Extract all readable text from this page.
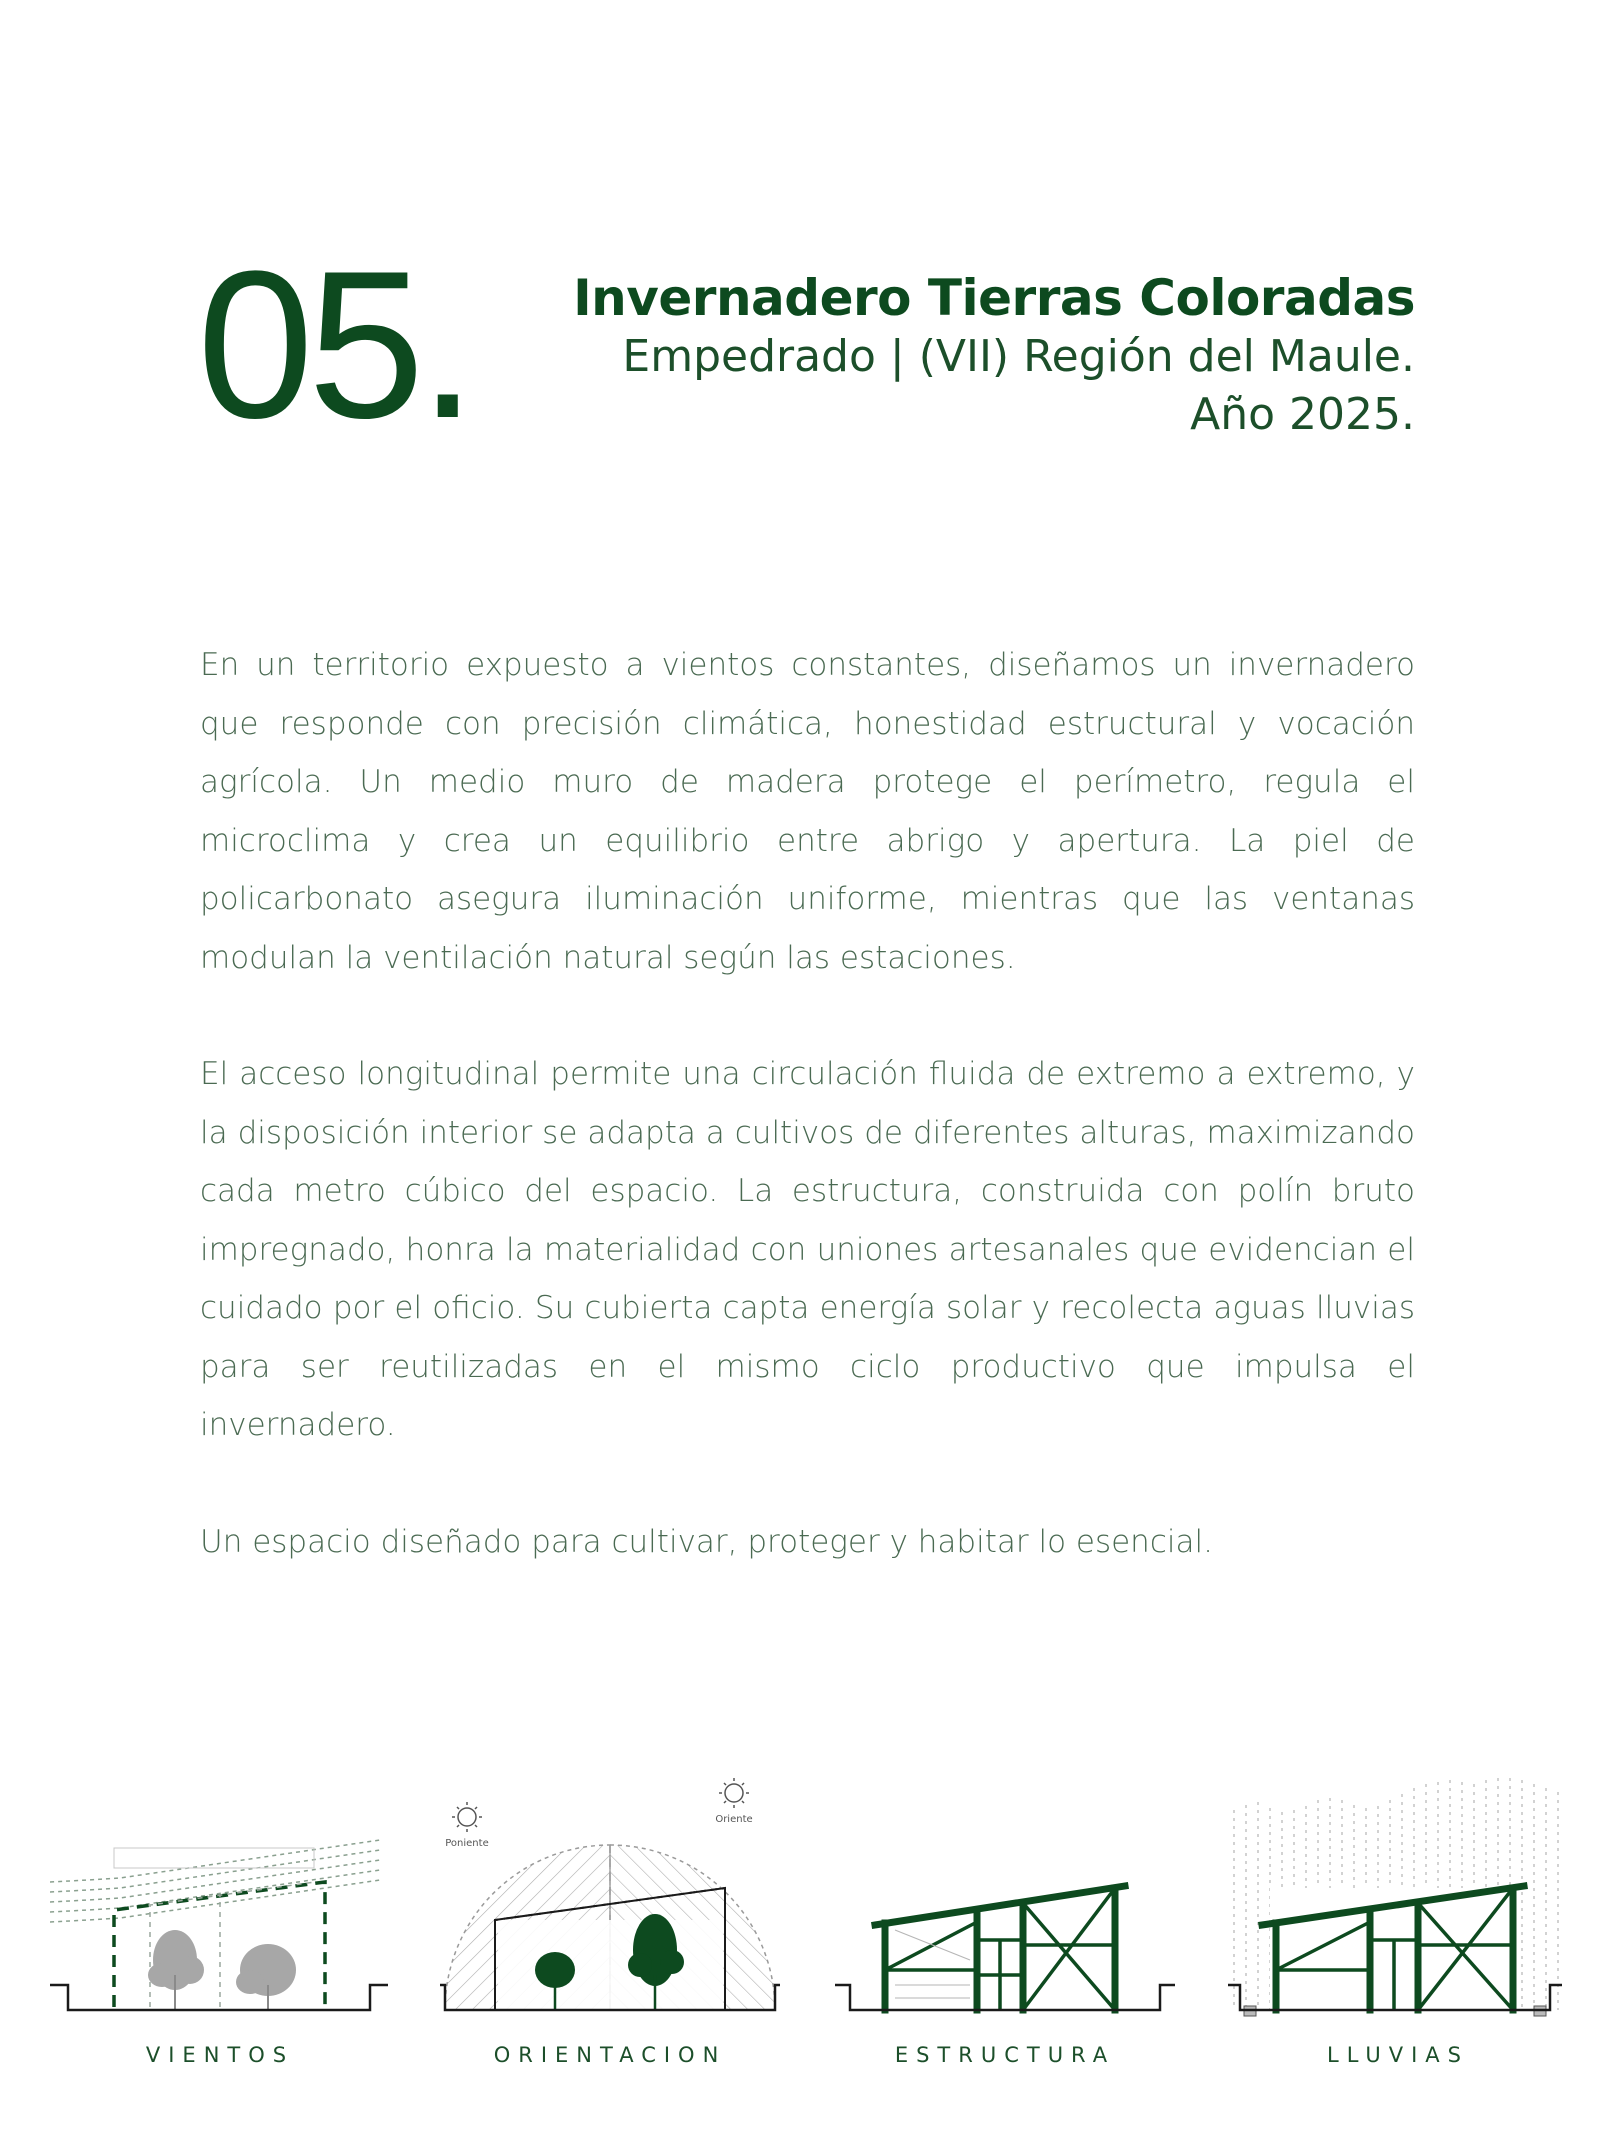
05. Invernadero Tierras Coloradas
Empedrado | (VII) Región del Maule.
Año 2025.

En un territorio expuesto a vientos constantes, diseñamos un invernadero que responde con precisión climática, honestidad estructural y vocación agrícola. Un medio muro de madera protege el perímetro, regula el microclima y crea un equilibrio entre abrigo y apertura. La piel de policarbonato asegura iluminación uniforme, mientras que las ventanas modulan la ventilación natural según las estaciones.

El acceso longitudinal permite una circulación fluida de extremo a extremo, y la disposición interior se adapta a cultivos de diferentes alturas, maximizando cada metro cúbico del espacio. La estructura, construida con polín bruto impregnado, honra la materialidad con uniones artesanales que evidencian el cuidado por el oficio. Su cubierta capta energía solar y recolecta aguas lluvias para ser reutilizadas en el mismo ciclo productivo que impulsa el invernadero.

Un espacio diseñado para cultivar, proteger y habitar lo esencial.

Poniente
Oriente
VIENTOS	ORIENTACION	ESTRUCTURA	LLUVIAS
